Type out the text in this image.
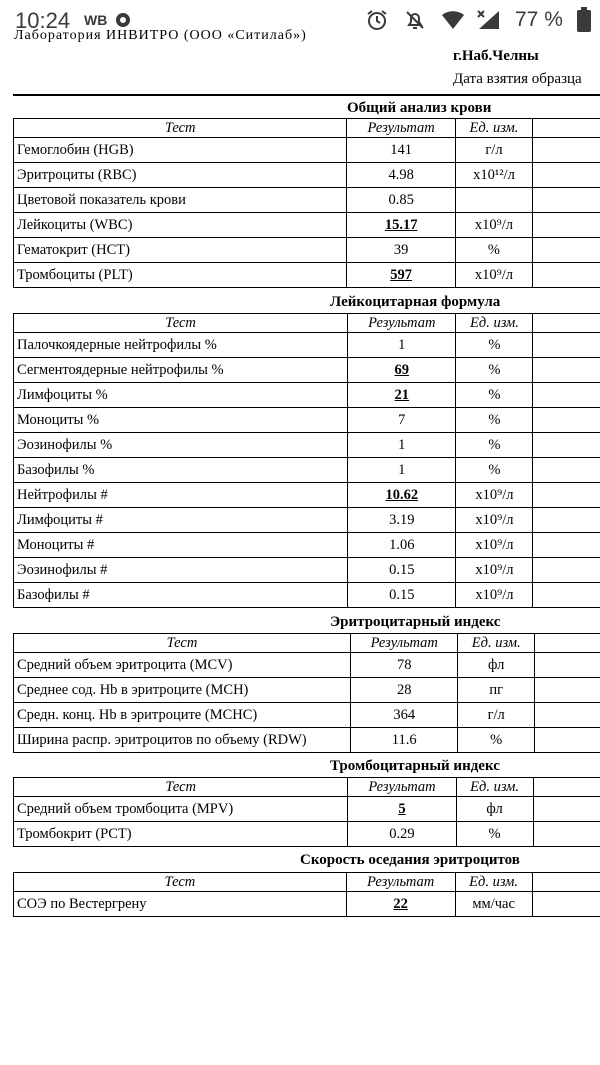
10:24 WB	77 %
Лаборатория ИНВИТРО (ООО «Ситилаб»)
г.Наб.Челны
Дата взятия образца
Общий анализ крови
Тест	Результат	Ед. изм.	
Гемоглобин (HGB)	141	г/л	
Эритроциты (RBC)	4.98	x10¹²/л	
Цветовой показатель крови	0.85		
Лейкоциты (WBC)	15.17	x10⁹/л	
Гематокрит (HCT)	39	%	
Тромбоциты (PLT)	597	x10⁹/л	
Лейкоцитарная формула
Тест	Результат	Ед. изм.	
Палочкоядерные нейтрофилы %	1	%	
Сегментоядерные нейтрофилы %	69	%	
Лимфоциты %	21	%	
Моноциты %	7	%	
Эозинофилы %	1	%	
Базофилы %	1	%	
Нейтрофилы #	10.62	x10⁹/л	
Лимфоциты #	3.19	x10⁹/л	
Моноциты #	1.06	x10⁹/л	
Эозинофилы #	0.15	x10⁹/л	
Базофилы #	0.15	x10⁹/л	
Эритроцитарный индекс
Тест	Результат	Ед. изм.	
Средний объем эритроцита (MCV)	78	фл	
Среднее сод. Hb в эритроците (MCH)	28	пг	
Средн. конц. Hb в эритроците (MCHC)	364	г/л	
Ширина распр. эритроцитов по объему (RDW)	11.6	%	
Тромбоцитарный индекс
Тест	Результат	Ед. изм.	
Средний объем тромбоцита (MPV)	5	фл	
Тромбокрит (PCT)	0.29	%	
Скорость оседания эритроцитов
Тест	Результат	Ед. изм.	
СОЭ по Вестергрену	22	мм/час	
